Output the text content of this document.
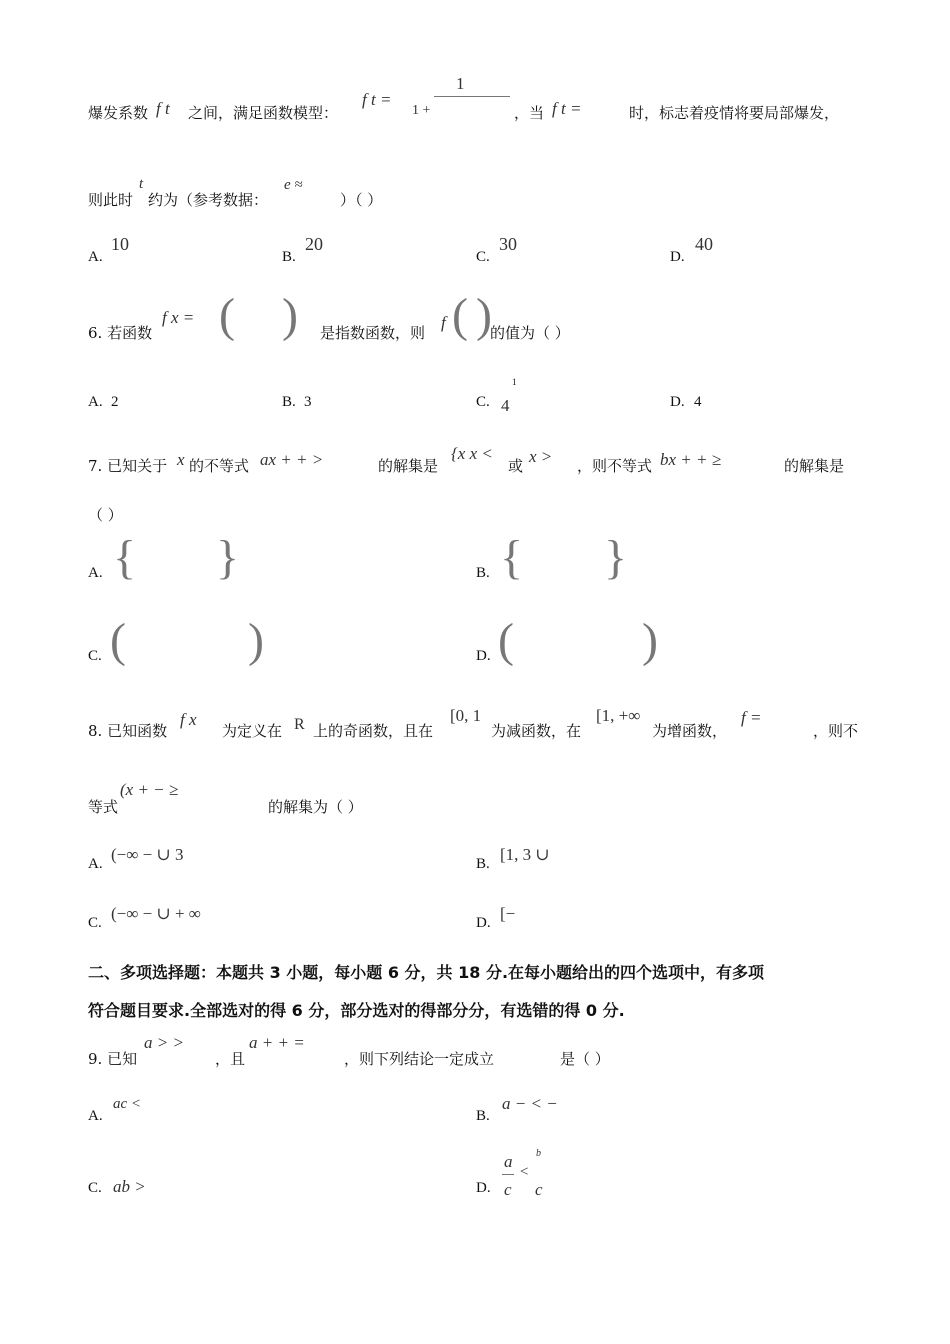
爆发系数 f t 之间，满足函数模型：
f t =
1
1 +	，当 f t =	时，标志着疫情将要局部爆发，
则此时
t
约为（参考数据：
e ≈
）（ ）
A.
10
B.
20
C.
30
D.
40
6. 若函数
f x = ( ) 是指数函数，则
f ( )
的值为（ ）
A. 2	B. 3	C.
1
4	D. 4
7. 已知关于 x 的不等式 ax + + >	的解集是
{x x <
或 x > ，则不等式 bx + + ≥	的解集是
（ ）
A. { }	B. { }
C. (	)	D. (	)
8. 已知函数
f x
为定义在 R 上的奇函数，且在
[0, 1
为减函数，在
[1, +∞
为增函数，
f =
，则不
等式
(x + − ≥
的解集为（ ）
A. (−∞ − ∪ 3	B. [1, 3 ∪
C. (−∞ − ∪ + ∞	D. [−
二、多项选择题：本题共 3 小题，每小题 6 分，共 18 分.在每小题给出的四个选项中，有多项
符合题目要求.全部选对的得 6 分，部分选对的得部分分，有选错的得 0 分.
9. 已知
a > >
，且
a + + =
，则下列结论一定成立	是（ ）
A.
ac <
B.
a − < −
C. ab >	D.
a
c
<
b
c
